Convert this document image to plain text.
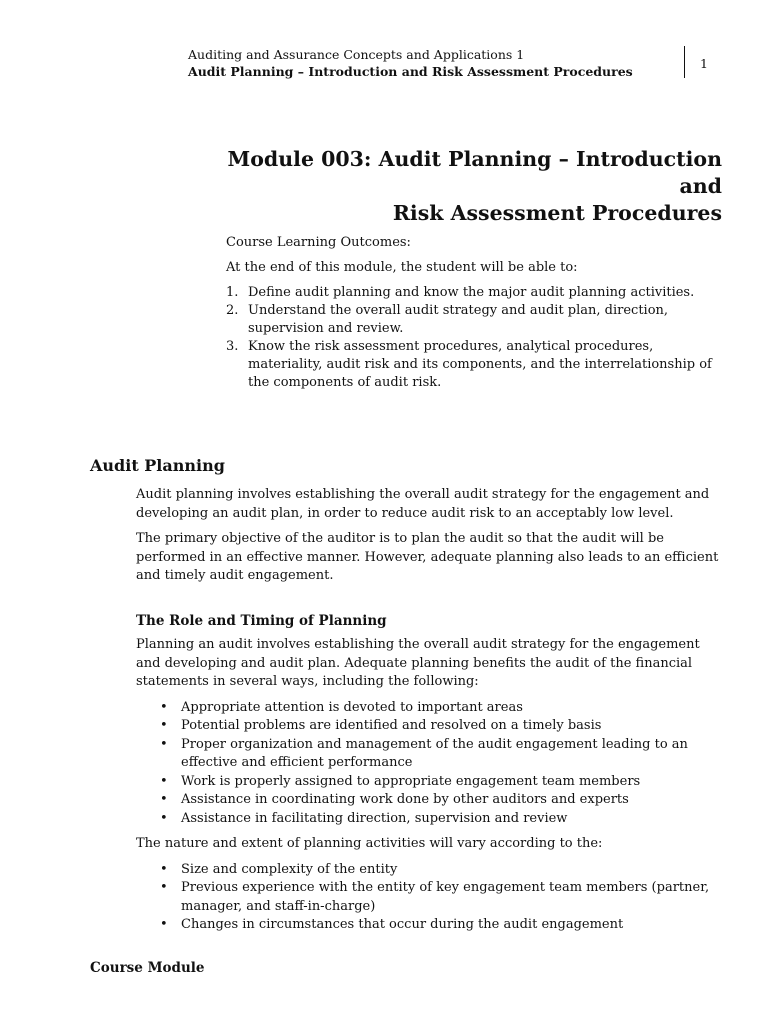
Auditing and Assurance Concepts and Applications 1
Audit Planning – Introduction and Risk Assessment Procedures
1
Module 003: Audit Planning – Introduction and
Risk Assessment Procedures

Course Learning Outcomes:

At the end of this module, the student will be able to:

1. Define audit planning and know the major audit planning activities.
2. Understand the overall audit strategy and audit plan, direction, supervision and review.
3. Know the risk assessment procedures, analytical procedures, materiality, audit risk and its components, and the interrelationship of the components of audit risk.
Audit Planning

Audit planning involves establishing the overall audit strategy for the engagement and developing an audit plan, in order to reduce audit risk to an acceptably low level.

The primary objective of the auditor is to plan the audit so that the audit will be performed in an effective manner. However, adequate planning also leads to an efficient and timely audit engagement.

The Role and Timing of Planning

Planning an audit involves establishing the overall audit strategy for the engagement and developing and audit plan. Adequate planning benefits the audit of the financial statements in several ways, including the following:

• Appropriate attention is devoted to important areas
• Potential problems are identified and resolved on a timely basis
• Proper organization and management of the audit engagement leading to an effective and efficient performance
• Work is properly assigned to appropriate engagement team members
• Assistance in coordinating work done by other auditors and experts
• Assistance in facilitating direction, supervision and review

The nature and extent of planning activities will vary according to the:

• Size and complexity of the entity
• Previous experience with the entity of key engagement team members (partner, manager, and staff-in-charge)
• Changes in circumstances that occur during the audit engagement
Course Module
